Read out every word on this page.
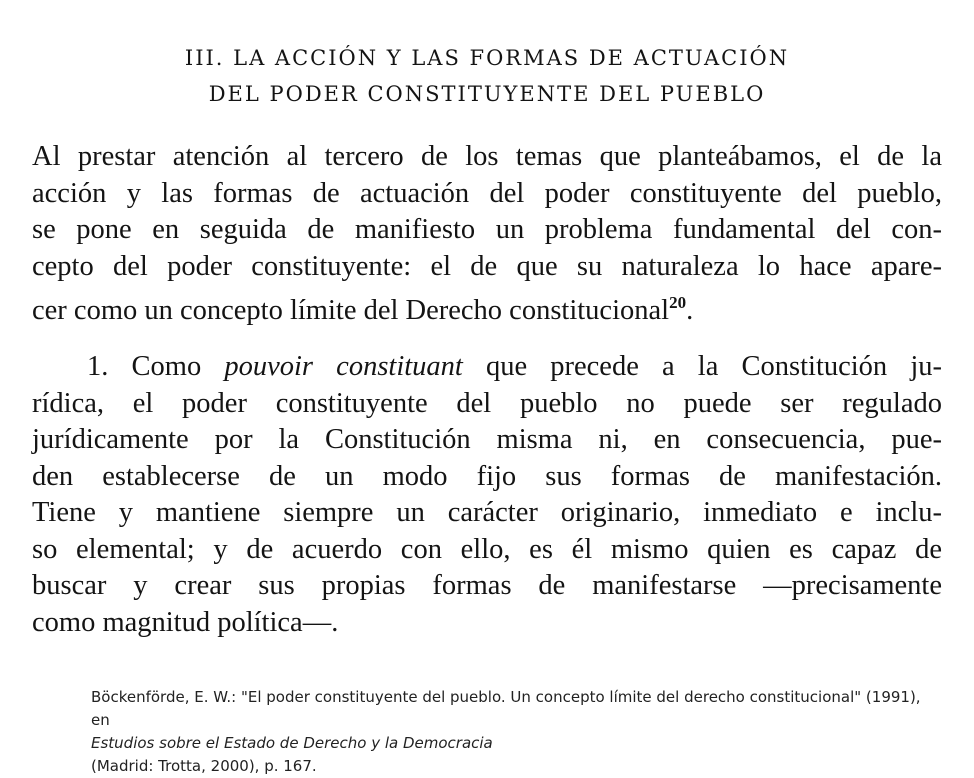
III. LA ACCIÓN Y LAS FORMAS DE ACTUACIÓN
DEL PODER CONSTITUYENTE DEL PUEBLO
Al prestar atención al tercero de los temas que planteábamos, el de la
acción y las formas de actuación del poder constituyente del pueblo,
se pone en seguida de manifiesto un problema fundamental del con-
cepto del poder constituyente: el de que su naturaleza lo hace apare-
cer como un concepto límite del Derecho constitucional$^{20}$.
1. Como pouvoir constituant que precede a la Constitución ju-
rídica, el poder constituyente del pueblo no puede ser regulado
jurídicamente por la Constitución misma ni, en consecuencia, pue-
den establecerse de un modo fijo sus formas de manifestación.
Tiene y mantiene siempre un carácter originario, inmediato e inclu-
so elemental; y de acuerdo con ello, es él mismo quien es capaz de
buscar y crear sus propias formas de manifestarse —precisamente
como magnitud política—.
Böckenförde, E. W.: "El poder constituyente del pueblo. Un concepto límite del derecho constitucional" (1991),
en
Estudios sobre el Estado de Derecho y la Democracia
(Madrid: Trotta, 2000), p. 167.
